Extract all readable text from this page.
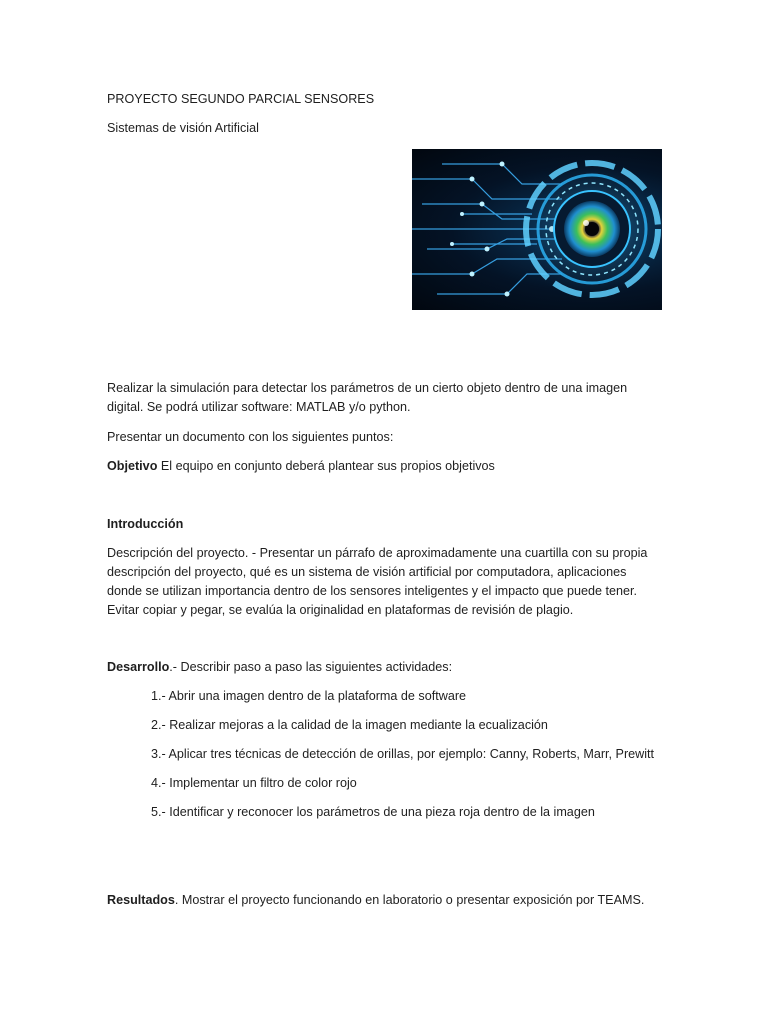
PROYECTO SEGUNDO PARCIAL SENSORES
Sistemas de visión Artificial
Realizar la simulación para detectar los parámetros de un cierto objeto dentro de una imagen
digital. Se podrá utilizar software: MATLAB y/o python.
Presentar un documento con los siguientes puntos:
Objetivo El equipo en conjunto deberá plantear sus propios objetivos
Introducción
Descripción del proyecto. - Presentar un párrafo de aproximadamente una cuartilla con su propia
descripción del proyecto, qué es un sistema de visión artificial por computadora, aplicaciones
donde se utilizan importancia dentro de los sensores inteligentes y el impacto que puede tener.
Evitar copiar y pegar, se evalúa la originalidad en plataformas de revisión de plagio.
Desarrollo.- Describir paso a paso las siguientes actividades:
1.- Abrir una imagen dentro de la plataforma de software
2.- Realizar mejoras a la calidad de la imagen mediante la ecualización
3.- Aplicar tres técnicas de detección de orillas, por ejemplo: Canny, Roberts, Marr, Prewitt
4.- Implementar un filtro de color rojo
5.- Identificar y reconocer los parámetros de una pieza roja dentro de la imagen
Resultados. Mostrar el proyecto funcionando en laboratorio o presentar exposición por TEAMS.
